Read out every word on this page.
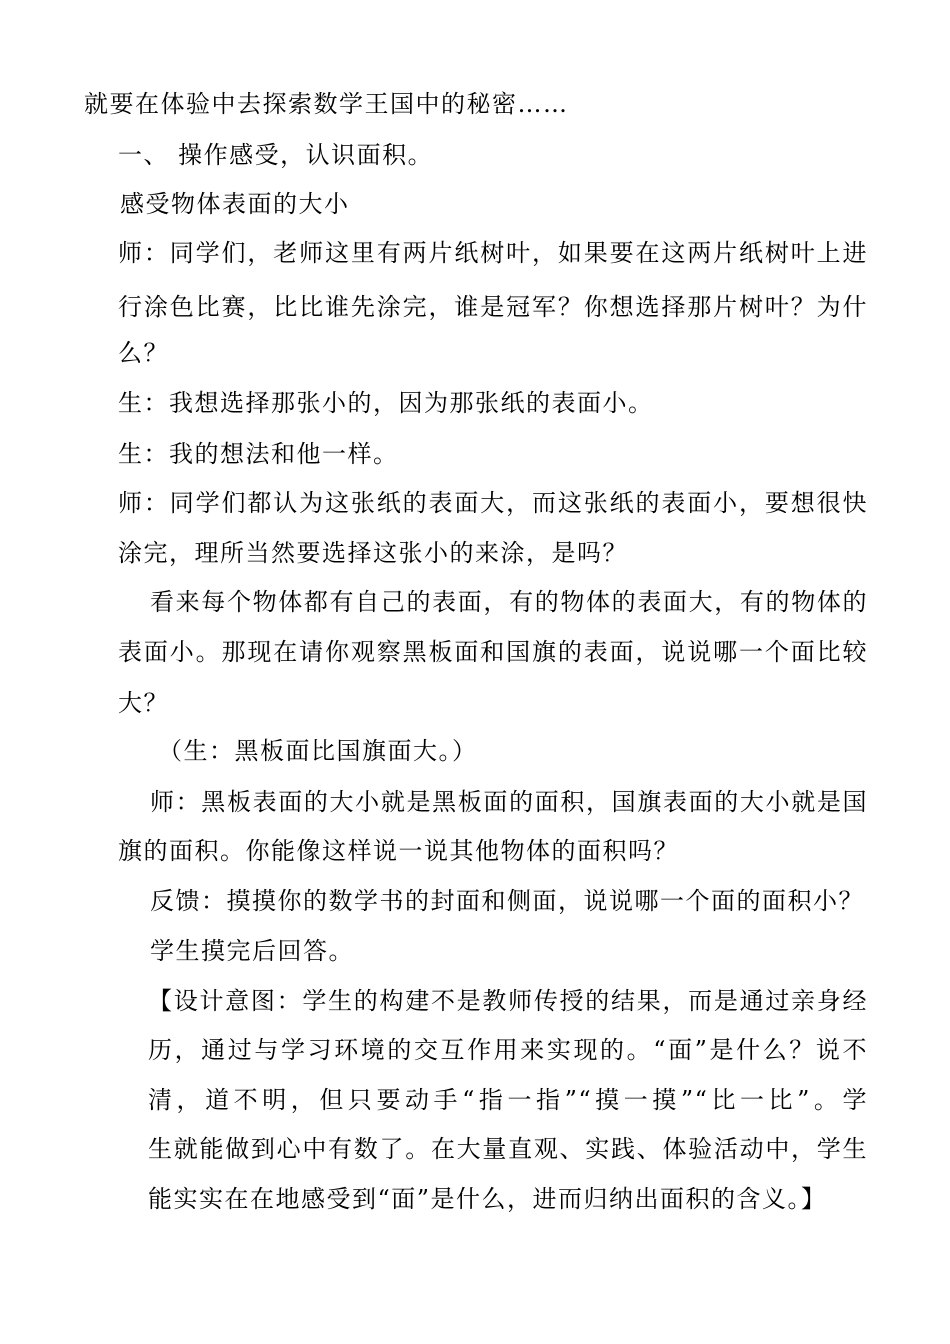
就要在体验中去探索数学王国中的秘密……
一、 操作感受，认识面积。
感受物体表面的大小
师：同学们，老师这里有两片纸树叶，如果要在这两片纸树叶上进
行涂色比赛，比比谁先涂完，谁是冠军？你想选择那片树叶？为什
么？
生：我想选择那张小的，因为那张纸的表面小。
生：我的想法和他一样。
师：同学们都认为这张纸的表面大，而这张纸的表面小，要想很快
涂完，理所当然要选择这张小的来涂，是吗？
看来每个物体都有自己的表面，有的物体的表面大，有的物体的
表面小。那现在请你观察黑板面和国旗的表面，说说哪一个面比较
大？
（生：黑板面比国旗面大。）
师：黑板表面的大小就是黑板面的面积，国旗表面的大小就是国
旗的面积。你能像这样说一说其他物体的面积吗？
反馈：摸摸你的数学书的封面和侧面，说说哪一个面的面积小？
学生摸完后回答。
【设计意图：学生的构建不是教师传授的结果，而是通过亲身经
历，通过与学习环境的交互作用来实现的。“面”是什么？说不
清，道不明，但只要动手“指一指”“摸一摸”“比一比”。学
生就能做到心中有数了。在大量直观、实践、体验活动中，学生
能实实在在地感受到“面”是什么，进而归纳出面积的含义。】
